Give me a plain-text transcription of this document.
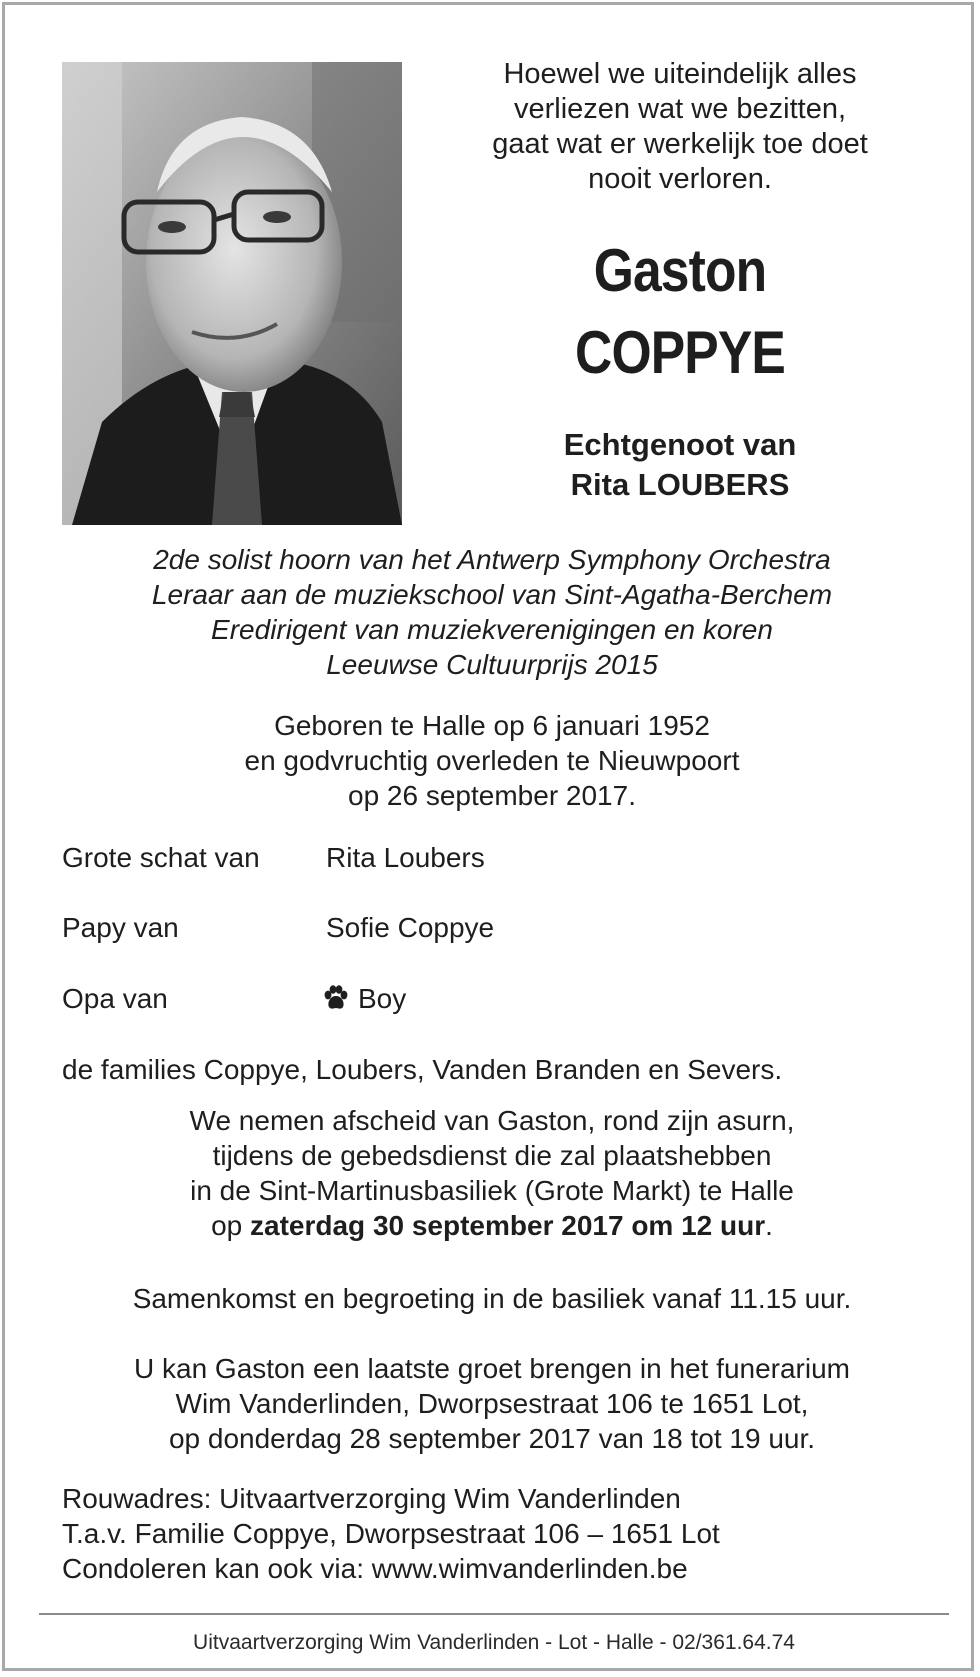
Hoewel we uiteindelijk alles
verliezen wat we bezitten,
gaat wat er werkelijk toe doet
nooit verloren.
Gaston
COPPYE
Echtgenoot van
Rita LOUBERS
2de solist hoorn van het Antwerp Symphony Orchestra
Leraar aan de muziekschool van Sint-Agatha-Berchem
Eredirigent van muziekverenigingen en koren
Leeuwse Cultuurprijs 2015
Geboren te Halle op 6 januari 1952
en godvruchtig overleden te Nieuwpoort
op 26 september 2017.
Grote schat van	Rita Loubers
Papy van	Sofie Coppye
Opa van	Boy
de families Coppye, Loubers, Vanden Branden en Severs.
We nemen afscheid van Gaston, rond zijn asurn,
tijdens de gebedsdienst die zal plaatshebben
in de Sint-Martinusbasiliek (Grote Markt) te Halle
op zaterdag 30 september 2017 om 12 uur.
Samenkomst en begroeting in de basiliek vanaf 11.15 uur.
U kan Gaston een laatste groet brengen in het funerarium
Wim Vanderlinden, Dworpsestraat 106 te 1651 Lot,
op donderdag 28 september 2017 van 18 tot 19 uur.
Rouwadres: Uitvaartverzorging Wim Vanderlinden
T.a.v. Familie Coppye, Dworpsestraat 106 – 1651 Lot
Condoleren kan ook via: www.wimvanderlinden.be
Uitvaartverzorging Wim Vanderlinden - Lot - Halle - 02/361.64.74
